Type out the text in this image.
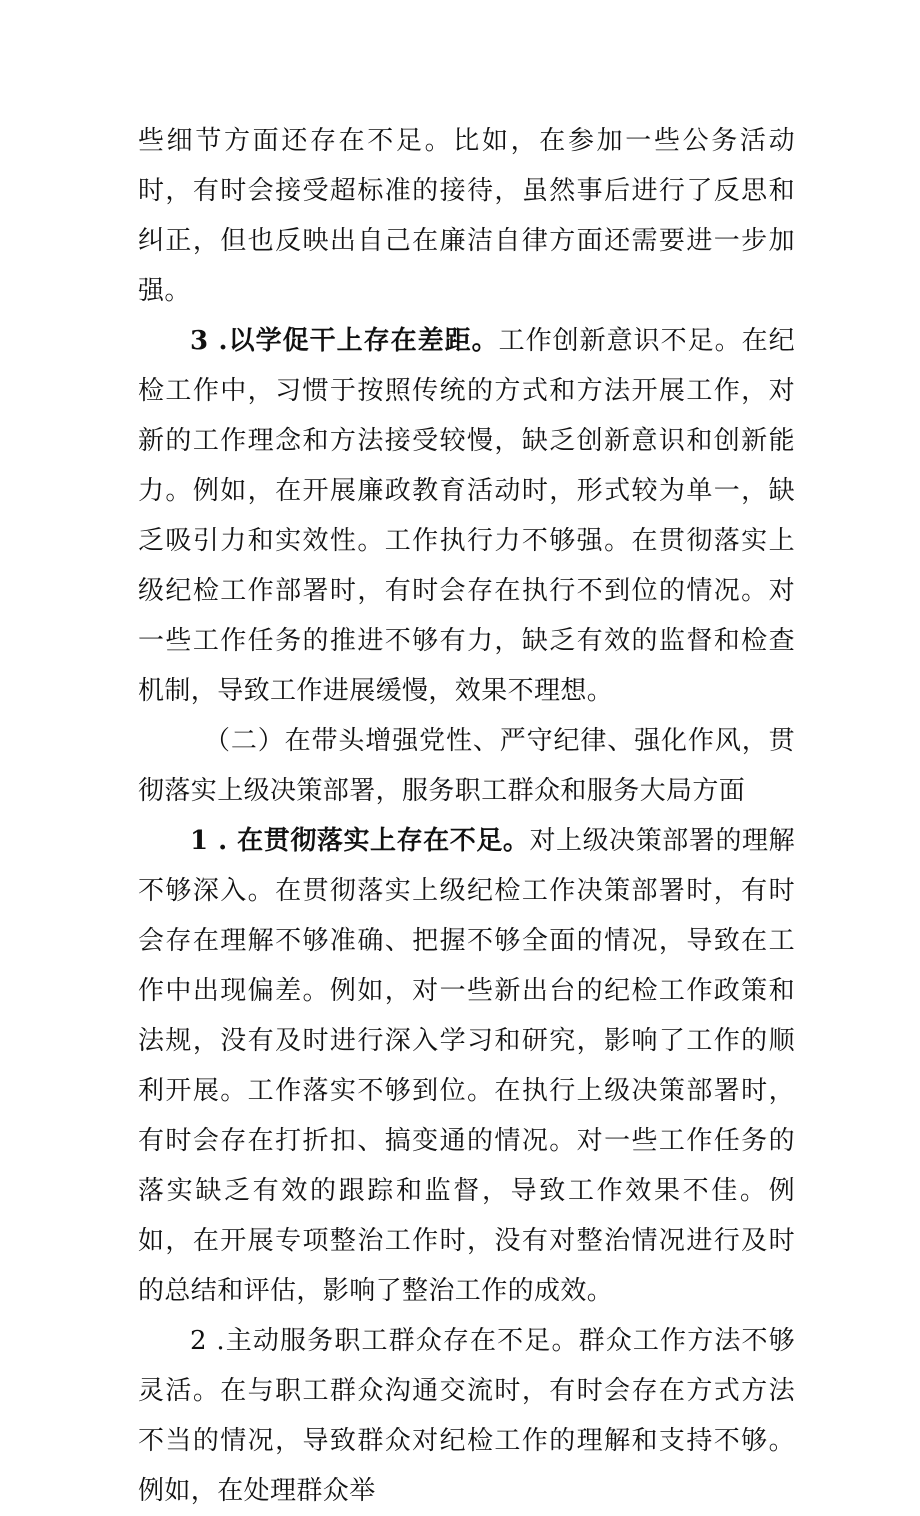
些细节方面还存在不足。比如，在参加一些公务活动时，有时会接受超标准的接待，虽然事后进行了反思和纠正，但也反映出自己在廉洁自律方面还需要进一步加强。

3 .以学促干上存在差距。工作创新意识不足。在纪检工作中，习惯于按照传统的方式和方法开展工作，对新的工作理念和方法接受较慢，缺乏创新意识和创新能力。例如，在开展廉政教育活动时，形式较为单一，缺乏吸引力和实效性。工作执行力不够强。在贯彻落实上级纪检工作部署时，有时会存在执行不到位的情况。对一些工作任务的推进不够有力，缺乏有效的监督和检查机制，导致工作进展缓慢，效果不理想。

（二）在带头增强党性、严守纪律、强化作风，贯彻落实上级决策部署，服务职工群众和服务大局方面

1 . 在贯彻落实上存在不足。对上级决策部署的理解不够深入。在贯彻落实上级纪检工作决策部署时，有时会存在理解不够准确、把握不够全面的情况，导致在工作中出现偏差。例如，对一些新出台的纪检工作政策和法规，没有及时进行深入学习和研究，影响了工作的顺利开展。工作落实不够到位。在执行上级决策部署时，有时会存在打折扣、搞变通的情况。对一些工作任务的落实缺乏有效的跟踪和监督，导致工作效果不佳。例如，在开展专项整治工作时，没有对整治情况进行及时的总结和评估，影响了整治工作的成效。

2 .主动服务职工群众存在不足。群众工作方法不够灵活。在与职工群众沟通交流时，有时会存在方式方法不当的情况，导致群众对纪检工作的理解和支持不够。例如，在处理群众举
